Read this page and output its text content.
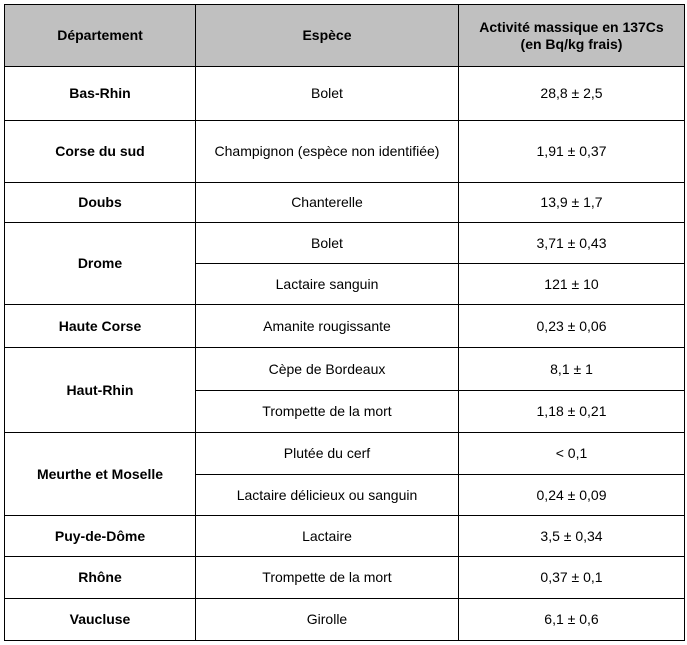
Département	Espèce	Activité massique en 137Cs
(en Bq/kg frais)

Bas-Rhin	Bolet	28,8 ± 2,5
Corse du sud	Champignon (espèce non identifiée)	1,91 ± 0,37
Doubs	Chanterelle	13,9 ± 1,7
Drome	Bolet	3,71 ± 0,43
	Lactaire sanguin	121 ± 10
Haute Corse	Amanite rougissante	0,23 ± 0,06
Haut-Rhin	Cèpe de Bordeaux	8,1 ± 1
	Trompette de la mort	1,18 ± 0,21
Meurthe et Moselle	Plutée du cerf	< 0,1
	Lactaire délicieux ou sanguin	0,24 ± 0,09
Puy-de-Dôme	Lactaire	3,5 ± 0,34
Rhône	Trompette de la mort	0,37 ± 0,1
Vaucluse	Girolle	6,1 ± 0,6
